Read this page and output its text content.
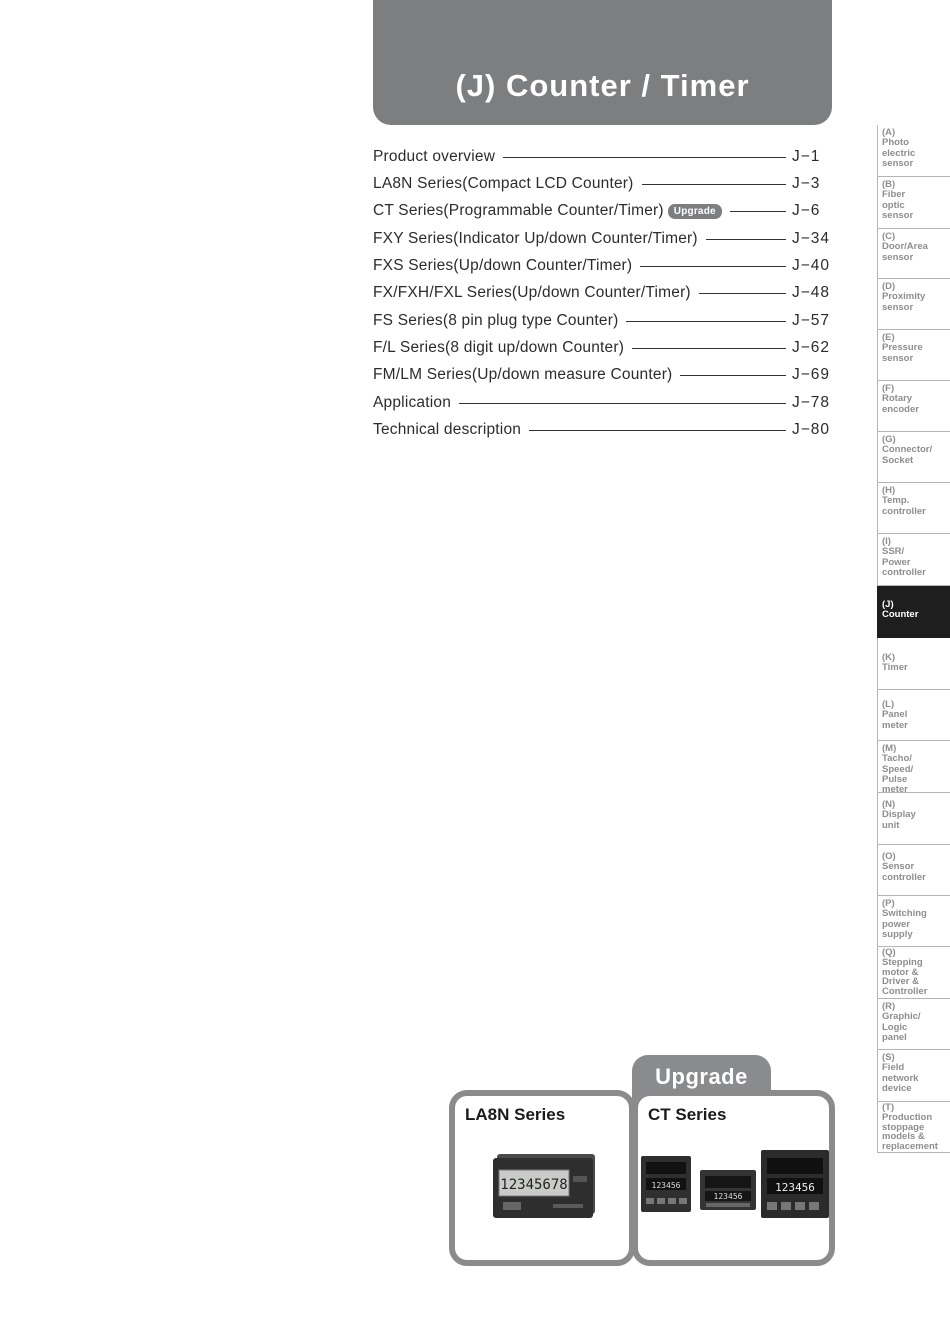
(J) Counter / Timer
Product overview	J−1
LA8N Series(Compact LCD Counter)	J−3
CT Series(Programmable Counter/Timer)	Upgrade	J−6
FXY Series(Indicator Up/down Counter/Timer)	J−34
FXS Series(Up/down Counter/Timer)	J−40
FX/FXH/FXL Series(Up/down Counter/Timer)	J−48
FS Series(8 pin plug type Counter)	J−57
F/L Series(8 digit up/down Counter)	J−62
FM/LM Series(Up/down measure Counter)	J−69
Application	J−78
Technical description	J−80
(A)
Photo
electric
sensor
(B)
Fiber
optic
sensor
(C)
Door/Area
sensor
(D)
Proximity
sensor
(E)
Pressure
sensor
(F)
Rotary
encoder
(G)
Connector/
Socket
(H)
Temp.
controller
(I)
SSR/
Power
controller
(J)
Counter
(K)
Timer
(L)
Panel
meter
(M)
Tacho/
Speed/
Pulse
meter
(N)
Display
unit
(O)
Sensor
controller
(P)
Switching
power
supply
(Q)
Stepping
motor &
Driver &
Controller
(R)
Graphic/
Logic
panel
(S)
Field
network
device
(T)
Production
stoppage
models &
replacement
Upgrade
LA8N Series
12345678
CT Series
123456
123456
123456
